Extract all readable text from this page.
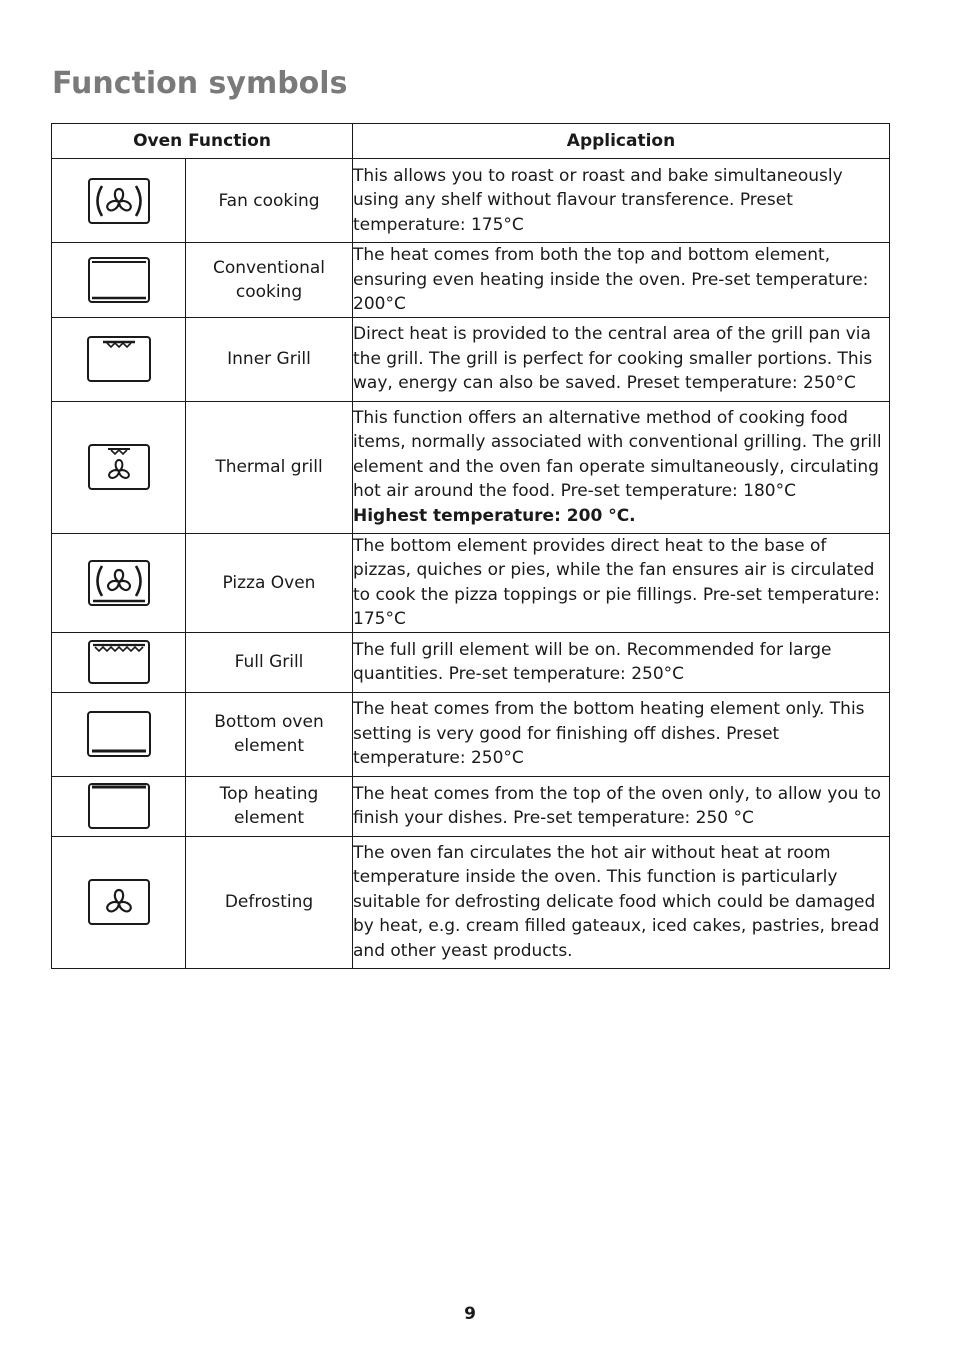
Function symbols
Oven Function		Application

	Fan cooking	This allows you to roast or roast and bake simultaneously using any shelf without flavour transference. Preset temperature: 175°C

	Conventional cooking	The heat comes from both the top and bottom element, ensuring even heating inside the oven. Pre-set temperature: 200°C

	Inner Grill	Direct heat is provided to the central area of the grill pan via the grill. The grill is perfect for cooking smaller portions. This way, energy can also be saved. Preset temperature: 250°C

	Thermal grill	This function offers an alternative method of cooking food items, normally associated with conventional grilling. The grill element and the oven fan operate simultaneously, circulating hot air around the food. Pre-set temperature: 180°C
Highest temperature: 200 °C.

	Pizza Oven	The bottom element provides direct heat to the base of pizzas, quiches or pies, while the fan ensures air is circulated to cook the pizza toppings or pie fillings. Pre-set temperature: 175°C

	Full Grill	The full grill element will be on. Recommended for large quantities. Pre-set temperature: 250°C

	Bottom oven element	The heat comes from the bottom heating element only. This setting is very good for finishing off dishes. Preset temperature: 250°C

	Top heating element	The heat comes from the top of the oven only, to allow you to finish your dishes. Pre-set temperature: 250 °C

	Defrosting	The oven fan circulates the hot air without heat at room temperature inside the oven. This function is particularly suitable for defrosting delicate food which could be damaged by heat, e.g. cream filled gateaux, iced cakes, pastries, bread and other yeast products.
9
